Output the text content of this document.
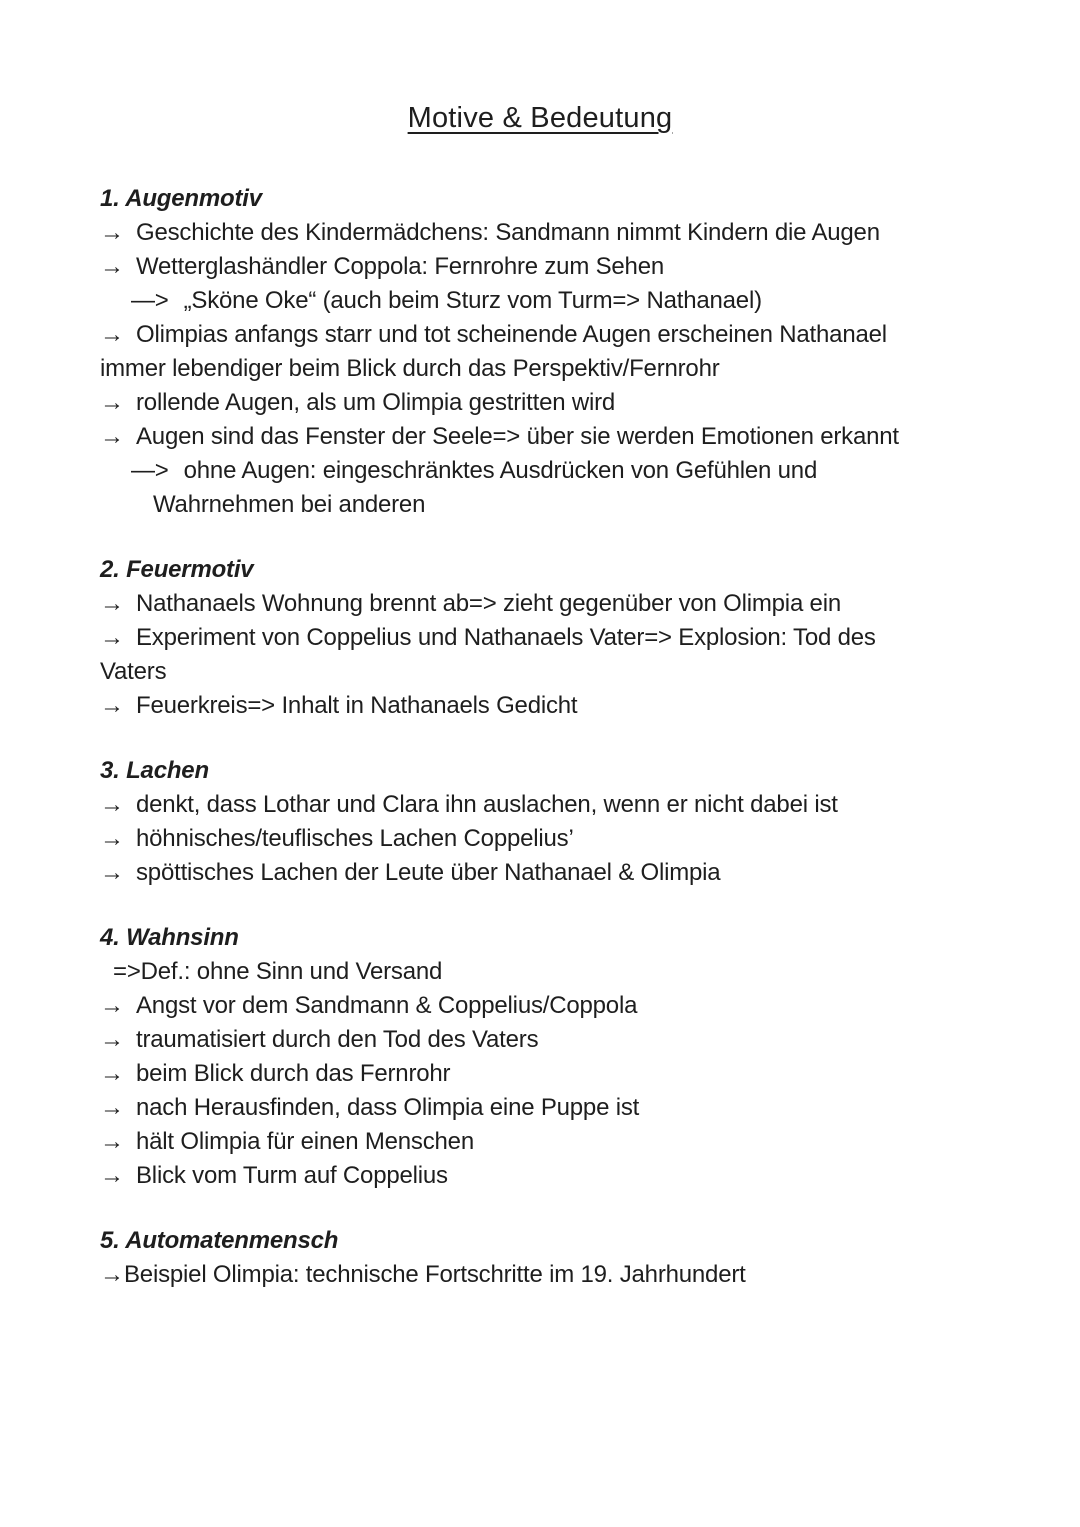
Motive & Bedeutung
1. Augenmotiv
→ Geschichte des Kindermädchens: Sandmann nimmt Kindern die Augen
→ Wetterglashändler Coppola: Fernrohre zum Sehen
—> „Sköne Oke“ (auch beim Sturz vom Turm=> Nathanael)
→ Olimpias anfangs starr und tot scheinende Augen erscheinen Nathanael
immer lebendiger beim Blick durch das Perspektiv/Fernrohr
→ rollende Augen, als um Olimpia gestritten wird
→ Augen sind das Fenster der Seele=> über sie werden Emotionen erkannt
—> ohne Augen: eingeschränktes Ausdrücken von Gefühlen und
Wahrnehmen bei anderen
2. Feuermotiv
→ Nathanaels Wohnung brennt ab=> zieht gegenüber von Olimpia ein
→ Experiment von Coppelius und Nathanaels Vater=> Explosion: Tod des
Vaters
→ Feuerkreis=> Inhalt in Nathanaels Gedicht
3. Lachen
→ denkt, dass Lothar und Clara ihn auslachen, wenn er nicht dabei ist
→ höhnisches/teuflisches Lachen Coppelius’
→ spöttisches Lachen der Leute über Nathanael & Olimpia
4. Wahnsinn
=> Def.: ohne Sinn und Versand
→ Angst vor dem Sandmann & Coppelius/Coppola
→ traumatisiert durch den Tod des Vaters
→ beim Blick durch das Fernrohr
→ nach Herausfinden, dass Olimpia eine Puppe ist
→ hält Olimpia für einen Menschen
→ Blick vom Turm auf Coppelius
5. Automatenmensch
→ Beispiel Olimpia: technische Fortschritte im 19. Jahrhundert
